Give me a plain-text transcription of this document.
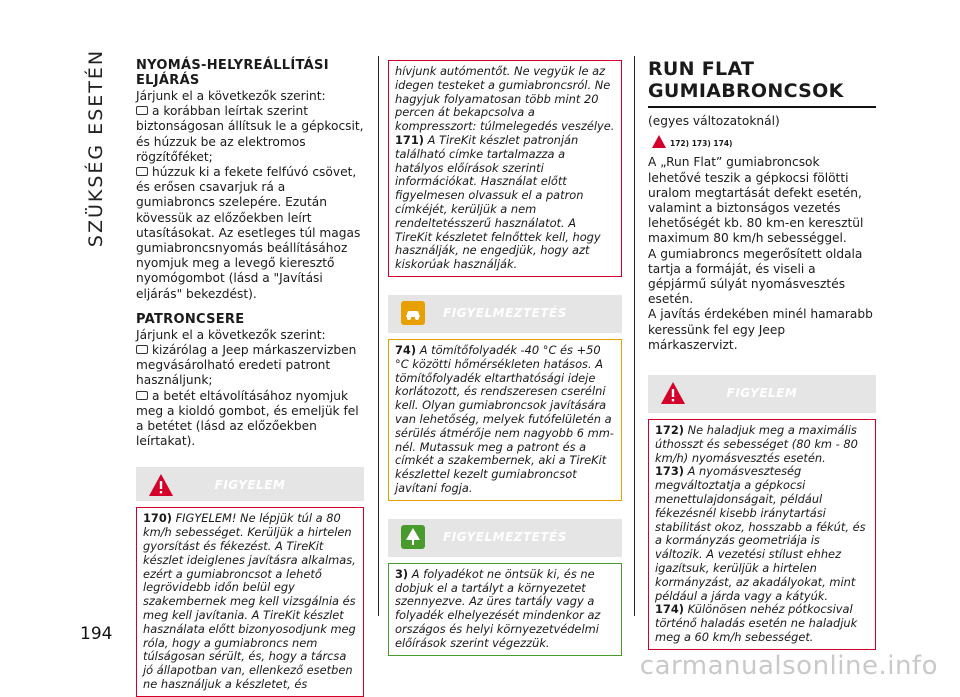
SZÜKSÉG ESETÉN
194
NYOMÁS-HELYREÁLLÍTÁSI ELJÁRÁS

Járjunk el a következők szerint:

a korábban leírtak szerint biztonságosan állítsuk le a gépkocsit, és húzzuk be az elektromos rögzítőféket;

húzzuk ki a fekete felfúvó csövet, és erősen csavarjuk rá a gumiabroncs szelepére. Ezután kövessük az előzőekben leírt utasításokat. Az esetleges túl magas gumiabroncsnyomás beállításához nyomjuk meg a levegő kieresztő nyomógombot (lásd a "Javítási eljárás" bekezdést).

PATRONCSERE

Járjunk el a következők szerint:

kizárólag a Jeep márkaszervizben megvásárolható eredeti patront használjunk;

a betét eltávolításához nyomjuk meg a kioldó gombot, és emeljük fel a betétet (lásd az előzőekben leírtakat).

FIGYELEM
170) FIGYELEM! Ne lépjük túl a 80 km/h sebességet. Kerüljük a hirtelen gyorsítást és fékezést. A TireKit készlet ideiglenes javításra alkalmas, ezért a gumiabroncsot a lehető legrövidebb időn belül egy szakembernek meg kell vizsgálnia és meg kell javítania. A TireKit készlet használata előtt bizonyosodjunk meg róla, hogy a gumiabroncs nem túlságosan sérült, és, hogy a tárcsa jó állapotban van, ellenkező esetben ne használjuk a készletet, és
hívjunk autómentőt. Ne vegyük le az idegen testeket a gumiabroncsról. Ne hagyjuk folyamatosan több mint 20 percen át bekapcsolva a kompresszort: túlmelegedés veszélye.
171) A TireKit készlet patronján található címke tartalmazza a hatályos előírások szerinti információkat. Használat előtt figyelmesen olvassuk el a patron címkéjét, kerüljük a nem rendeltetésszerű használatot. A TireKit készletet felnőttek kell, hogy használják, ne engedjük, hogy azt kiskorúak használják.
FIGYELMEZTETÉS
74) A tömítőfolyadék -40 °C és +50 °C közötti hőmérsékleten hatásos. A tömítőfolyadék eltarthatósági ideje korlátozott, és rendszeresen cserélni kell. Olyan gumiabroncsok javítására van lehetőség, melyek futófelületén a sérülés átmérője nem nagyobb 6 mm-nél. Mutassuk meg a patront és a címkét a szakembernek, aki a TireKit készlettel kezelt gumiabroncsot javítani fogja.
FIGYELMEZTETÉS
3) A folyadékot ne öntsük ki, és ne dobjuk el a tartályt a környezetet szennyezve. Az üres tartály vagy a folyadék elhelyezését mindenkor az országos és helyi környezetvédelmi előírások szerint végezzük.
RUN FLAT GUMIABRONCSOK

(egyes változatoknál)

172) 173) 174)

A „Run Flat” gumiabroncsok lehetővé teszik a gépkocsi fölötti uralom megtartását defekt esetén, valamint a biztonságos vezetés lehetőségét kb. 80 km-en keresztül maximum 80 km/h sebességgel.

A gumiabroncs megerősített oldala tartja a formáját, és viseli a gépjármű súlyát nyomásvesztés esetén.

A javítás érdekében minél hamarabb keressünk fel egy Jeep márkaszervizt.

FIGYELEM
172) Ne haladjuk meg a maximális úthosszt és sebességet (80 km - 80 km/h) nyomásvesztés esetén.
173) A nyomásveszteség megváltoztatja a gépkocsi menettulajdonságait, például fékezésnél kisebb iránytartási stabilitást okoz, hosszabb a fékút, és a kormányzás geometriája is változik. A vezetési stílust ehhez igazítsuk, kerüljük a hirtelen kormányzást, az akadályokat, mint például a járda vagy a kátyúk.
174) Különösen nehéz pótkocsival történő haladás esetén ne haladjuk meg a 60 km/h sebességet.
carmanualsonline.info
